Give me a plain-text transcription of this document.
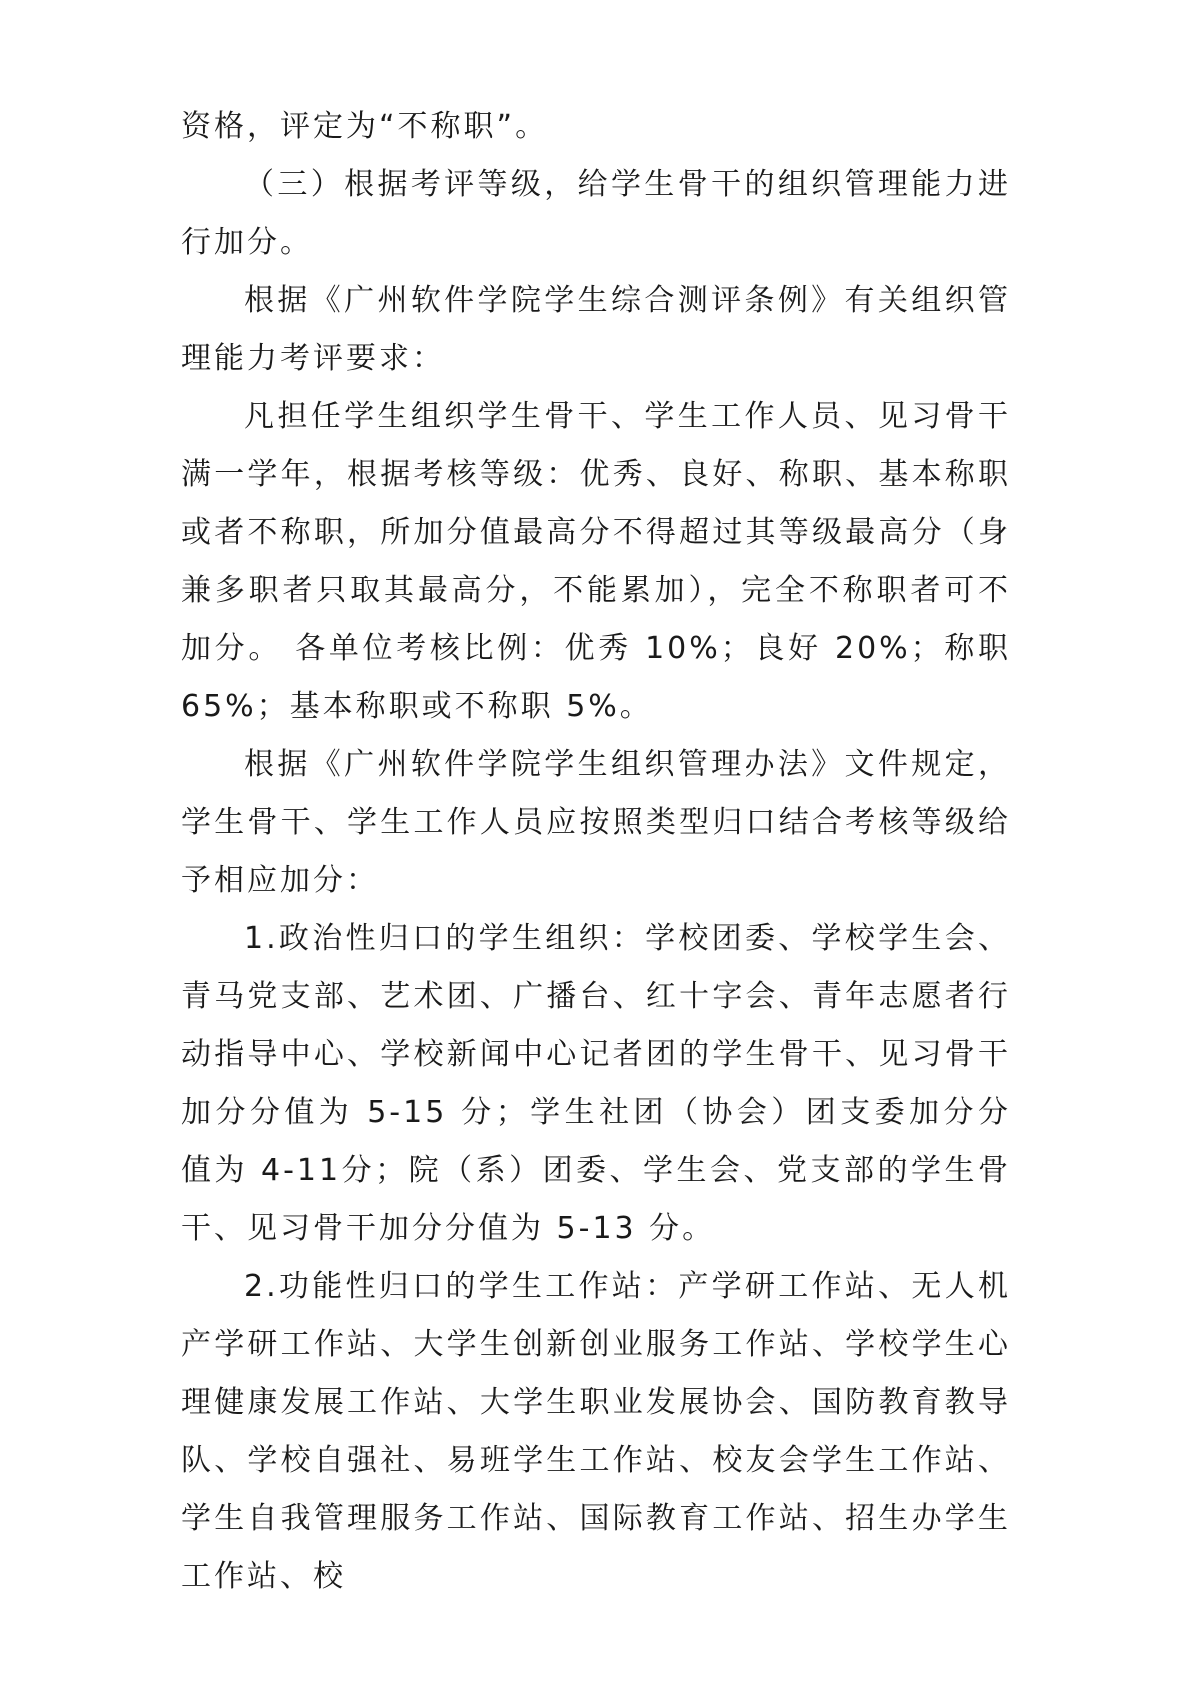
资格，评定为“不称职”。

（三）根据考评等级，给学生骨干的组织管理能力进行加分。

根据《广州软件学院学生综合测评条例》有关组织管理能力考评要求：

凡担任学生组织学生骨干、学生工作人员、见习骨干满一学年，根据考核等级：优秀、良好、称职、基本称职或者不称职，所加分值最高分不得超过其等级最高分（身兼多职者只取其最高分，不能累加），完全不称职者可不加分。 各单位考核比例：优秀 10%；良好 20%；称职 65%；基本称职或不称职 5%。

根据《广州软件学院学生组织管理办法》文件规定，学生骨干、学生工作人员应按照类型归口结合考核等级给予相应加分：

1.政治性归口的学生组织：学校团委、学校学生会、青马党支部、艺术团、广播台、红十字会、青年志愿者行动指导中心、学校新闻中心记者团的学生骨干、见习骨干加分分值为 5-15 分；学生社团（协会）团支委加分分值为 4-11分；院（系）团委、学生会、党支部的学生骨干、见习骨干加分分值为 5-13 分。

2.功能性归口的学生工作站：产学研工作站、无人机产学研工作站、大学生创新创业服务工作站、学校学生心理健康发展工作站、大学生职业发展协会、国防教育教导队、学校自强社、易班学生工作站、校友会学生工作站、学生自我管理服务工作站、国际教育工作站、招生办学生工作站、校
